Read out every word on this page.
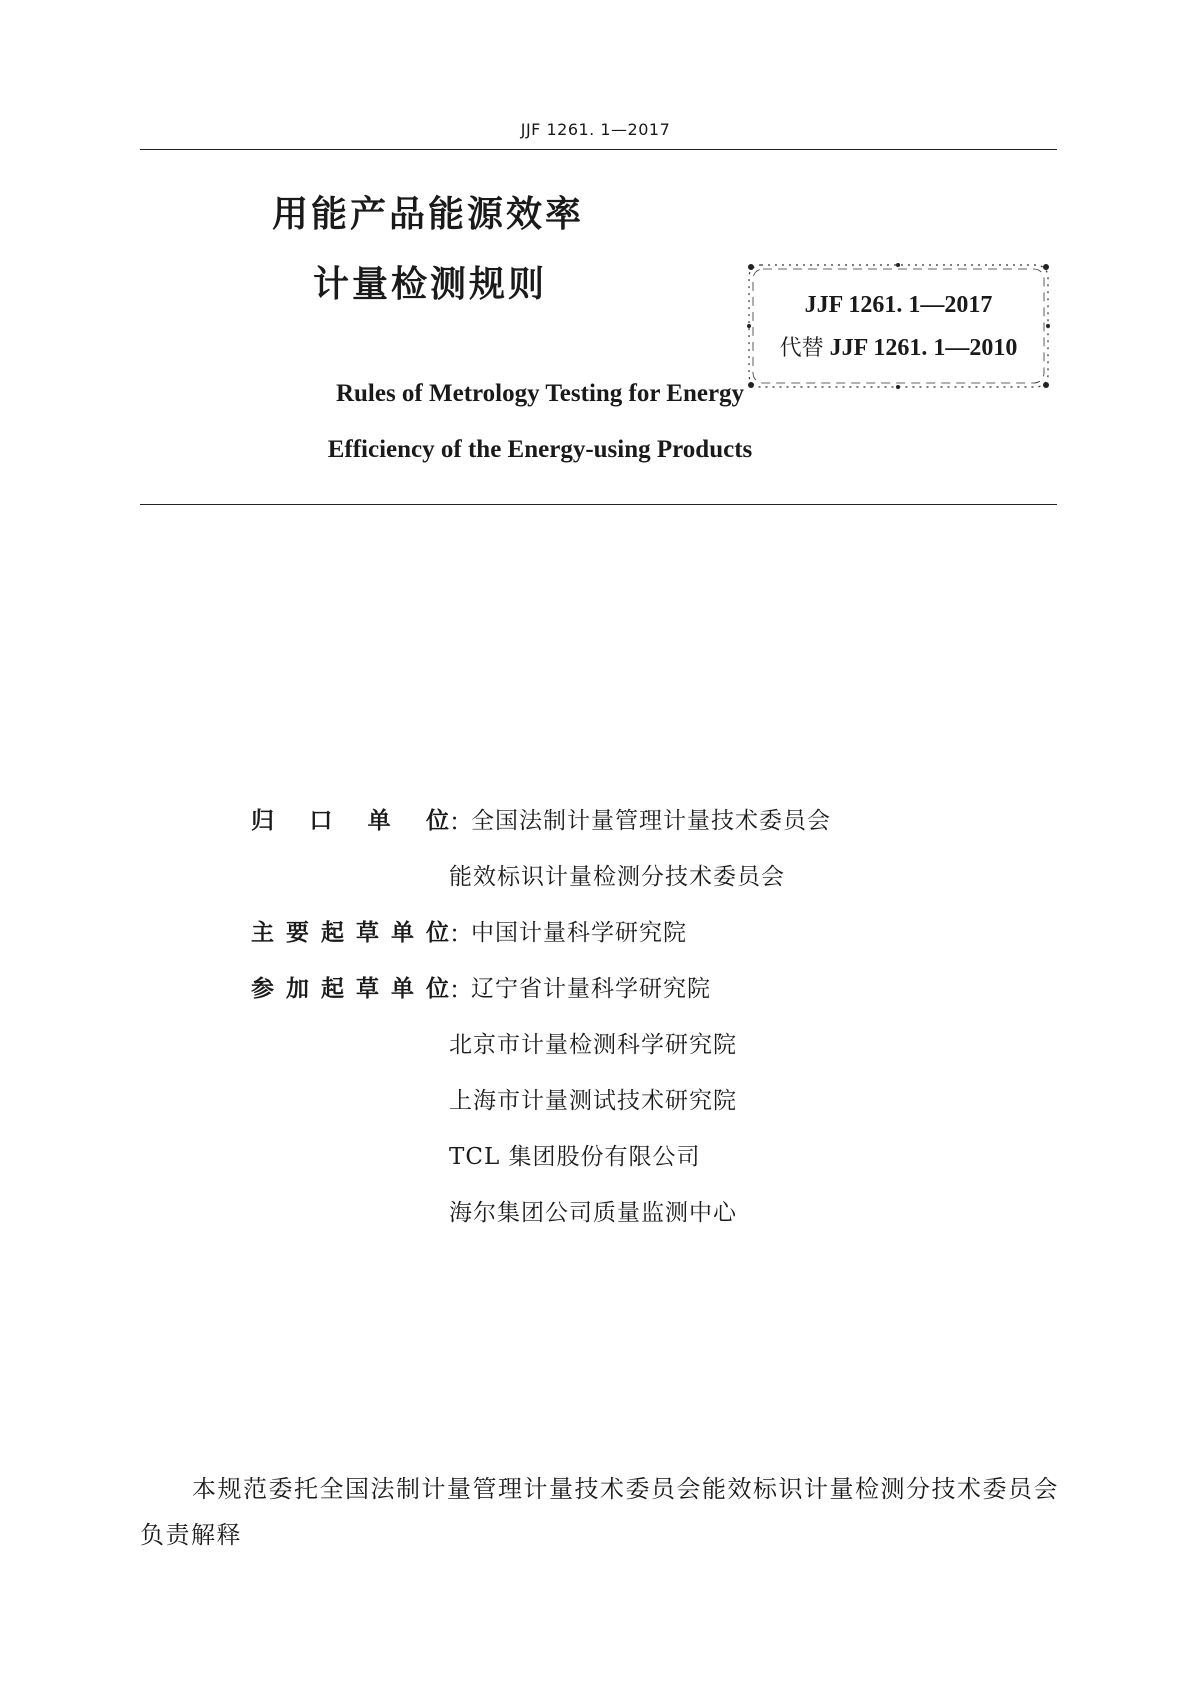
JJF 1261. 1—2017
用能产品能源效率
计量检测规则	JJF 1261. 1—2017
代替 JJF 1261. 1—2010
Rules of Metrology Testing for Energy
Efficiency of the Energy-using Products
归口单位：全国法制计量管理计量技术委员会
能效标识计量检测分技术委员会
主要起草单位：中国计量科学研究院
参加起草单位：辽宁省计量科学研究院
北京市计量检测科学研究院
上海市计量测试技术研究院
TCL 集团股份有限公司
海尔集团公司质量监测中心
本规范委托全国法制计量管理计量技术委员会能效标识计量检测分技术委员会负责解释
